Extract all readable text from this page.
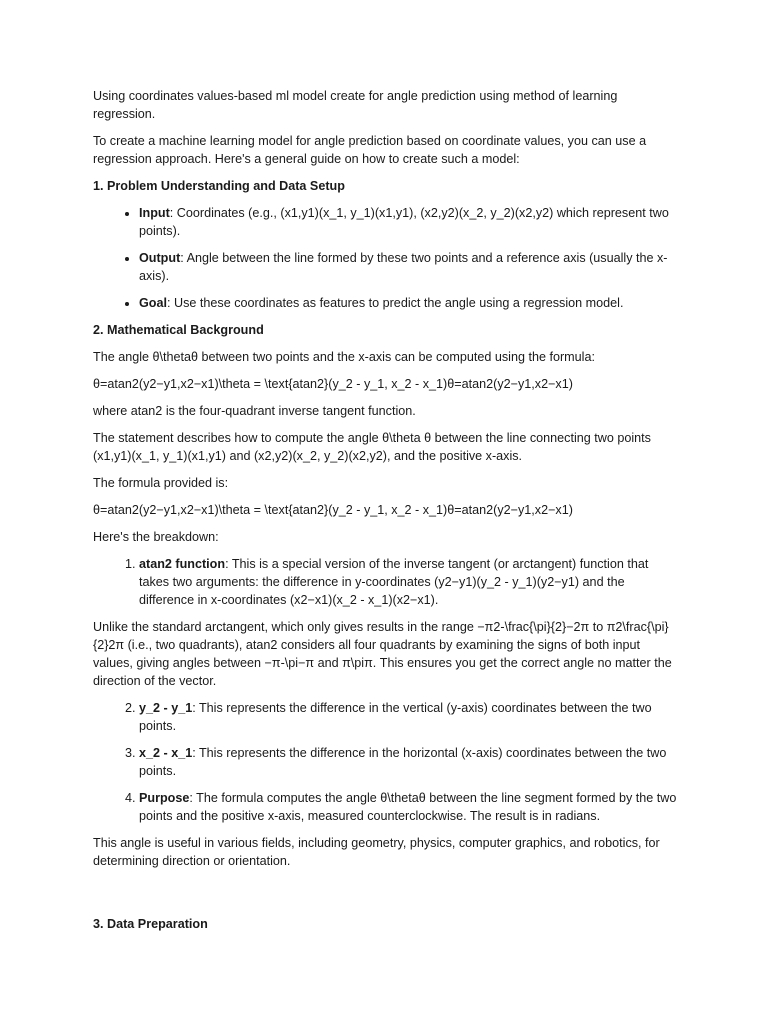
Using coordinates values-based ml model create for angle prediction using method of learning regression.

To create a machine learning model for angle prediction based on coordinate values, you can use a regression approach. Here's a general guide on how to create such a model:

1. Problem Understanding and Data Setup

• Input: Coordinates (e.g., (x1,y1)(x_1, y_1)(x1,y1), (x2,y2)(x_2, y_2)(x2,y2) which represent two points).
• Output: Angle between the line formed by these two points and a reference axis (usually the x-axis).
• Goal: Use these coordinates as features to predict the angle using a regression model.

2. Mathematical Background

The angle θ\thetaθ between two points and the x-axis can be computed using the formula:

θ=atan2(y2−y1,x2−x1)\theta = \text{atan2}(y_2 - y_1, x_2 - x_1)θ=atan2(y2−y1,x2−x1)

where atan2 is the four-quadrant inverse tangent function.

The statement describes how to compute the angle θ\theta θ between the line connecting two points (x1,y1)(x_1, y_1)(x1,y1) and (x2,y2)(x_2, y_2)(x2,y2), and the positive x-axis.

The formula provided is:

θ=atan2(y2−y1,x2−x1)\theta = \text{atan2}(y_2 - y_1, x_2 - x_1)θ=atan2(y2−y1,x2−x1)

Here's the breakdown:

1. atan2 function: This is a special version of the inverse tangent (or arctangent) function that takes two arguments: the difference in y-coordinates (y2−y1)(y_2 - y_1)(y2−y1) and the difference in x-coordinates (x2−x1)(x_2 - x_1)(x2−x1).

Unlike the standard arctangent, which only gives results in the range −π2-\frac{\pi}{2}−2π to π2\frac{\pi}{2}2π (i.e., two quadrants), atan2 considers all four quadrants by examining the signs of both input values, giving angles between −π-\pi−π and π\piπ. This ensures you get the correct angle no matter the direction of the vector.

2. y_2 - y_1: This represents the difference in the vertical (y-axis) coordinates between the two points.
3. x_2 - x_1: This represents the difference in the horizontal (x-axis) coordinates between the two points.
4. Purpose: The formula computes the angle θ\thetaθ between the line segment formed by the two points and the positive x-axis, measured counterclockwise. The result is in radians.

This angle is useful in various fields, including geometry, physics, computer graphics, and robotics, for determining direction or orientation.

3. Data Preparation
